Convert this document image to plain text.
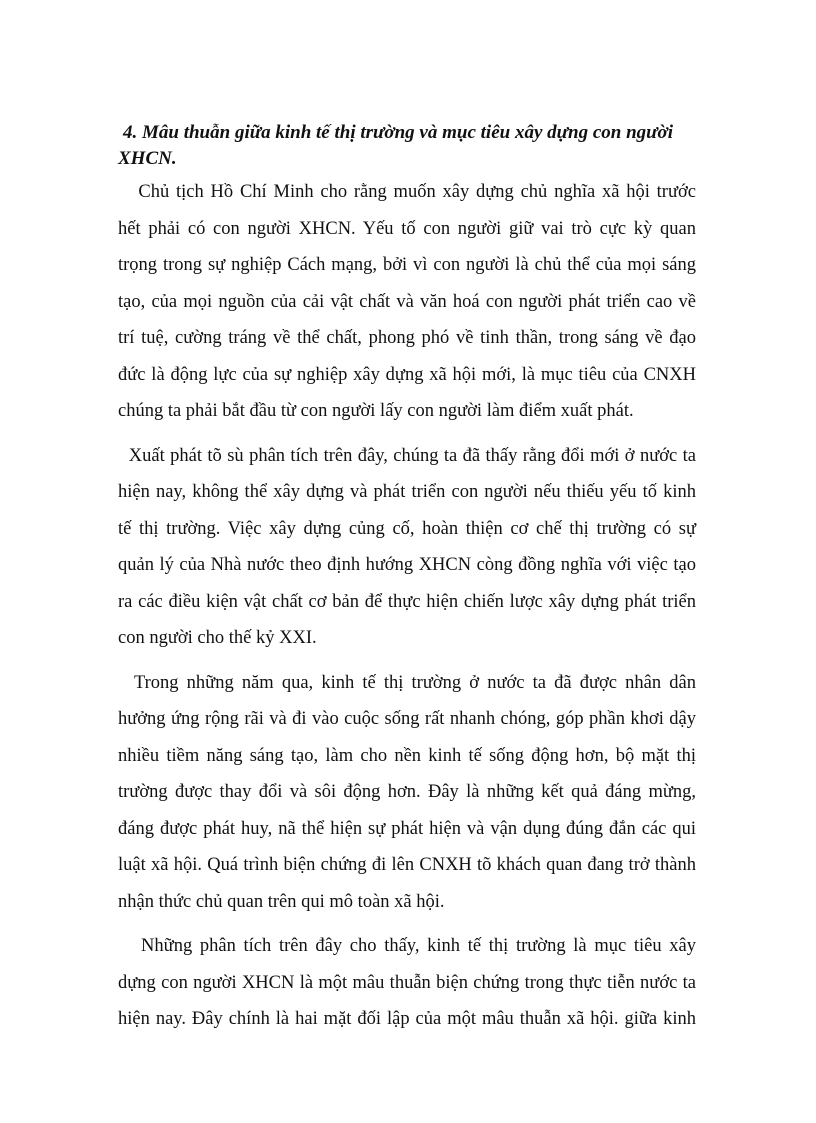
4. Mâu thuẫn giữa kinh tế thị trường và mục tiêu xây dựng con người
XHCN.
Chủ tịch Hồ Chí Minh cho rằng muốn xây dựng chủ nghĩa xã hội trước
hết phải có con người XHCN. Yếu tố con người giữ vai trò cực kỳ quan
trọng trong sự nghiệp Cách mạng, bởi vì con người là chủ thể của mọi sáng
tạo, của mọi nguồn của cải vật chất và văn hoá con người phát triển cao về
trí tuệ, cường tráng về thể chất, phong phó về tinh thần, trong sáng về đạo
đức là động lực của sự nghiệp xây dựng xã hội mới, là mục tiêu của CNXH
chúng ta phải bắt đầu từ con người lấy con người làm điểm xuất phát.
Xuất phát tõ sù phân tích trên đây, chúng ta đã thấy rằng đổi mới ở nước ta
hiện nay, không thể xây dựng và phát triển con người nếu thiếu yếu tố kinh
tế thị trường. Việc xây dựng củng cố, hoàn thiện cơ chế thị trường có sự
quản lý của Nhà nước theo định hướng XHCN còng đồng nghĩa với việc tạo
ra các điều kiện vật chất cơ bản để thực hiện chiến lược xây dựng phát triển
con người cho thế kỷ XXI.
Trong những năm qua, kinh tế thị trường ở nước ta đã được nhân dân
hưởng ứng rộng rãi và đi vào cuộc sống rất nhanh chóng, góp phần khơi dậy
nhiều tiềm năng sáng tạo, làm cho nền kinh tế sống động hơn, bộ mặt thị
trường được thay đổi và sôi động hơn. Đây là những kết quả đáng mừng,
đáng được phát huy, nã thể hiện sự phát hiện và vận dụng đúng đắn các qui
luật xã hội. Quá trình biện chứng đi lên CNXH tõ khách quan đang trở thành
nhận thức chủ quan trên qui mô toàn xã hội.
Những phân tích trên đây cho thấy, kinh tế thị trường là mục tiêu xây
dựng con người XHCN là một mâu thuẫn biện chứng trong thực tiễn nước ta
hiện nay. Đây chính là hai mặt đối lập của một mâu thuẫn xã hội. giữa kinh
